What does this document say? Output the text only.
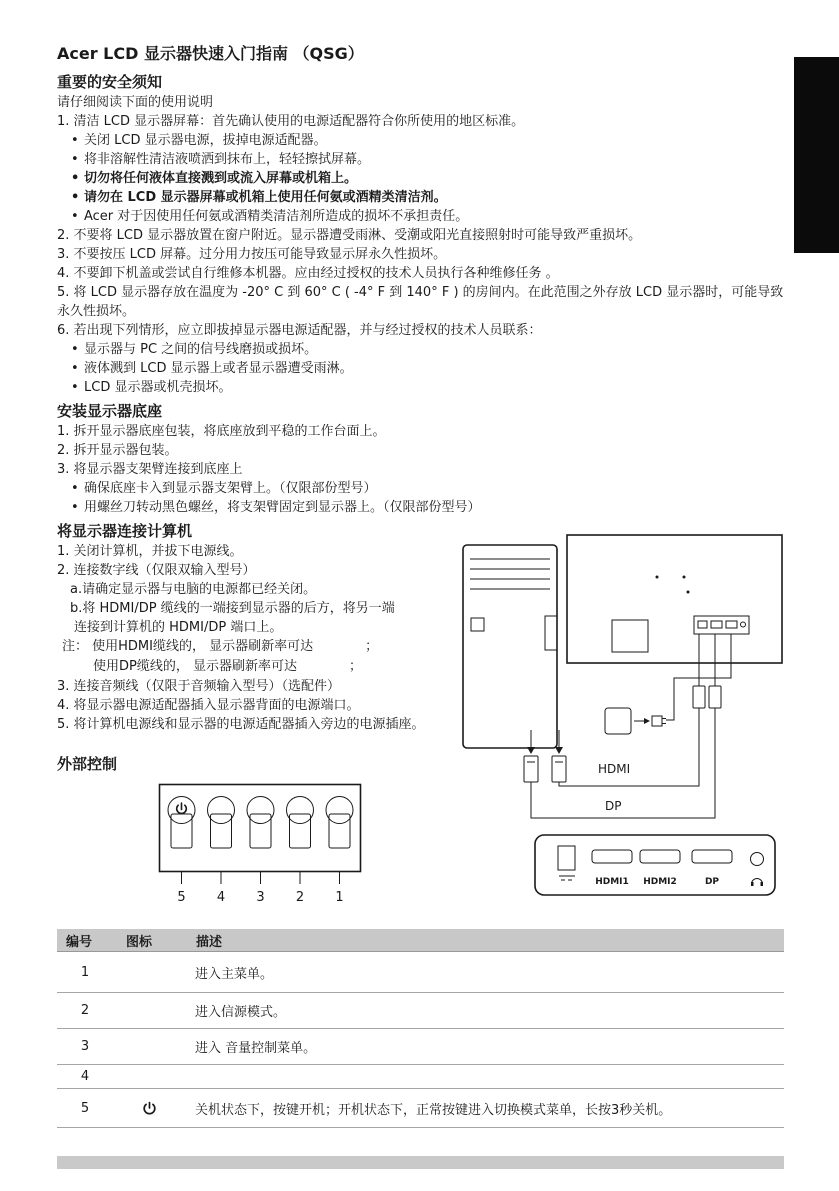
Acer LCD 显示器快速入门指南 （QSG）
重要的安全须知
请仔细阅读下面的使用说明
1. 清洁 LCD 显示器屏幕：首先确认使用的电源适配器符合你所使用的地区标准。
• 关闭 LCD 显示器电源，拔掉电源适配器。
• 将非溶解性清洁液喷洒到抹布上，轻轻擦拭屏幕。
• 切勿将任何液体直接溅到或流入屏幕或机箱上。
• 请勿在 LCD 显示器屏幕或机箱上使用任何氨或酒精类清洁剂。
• Acer 对于因使用任何氨或酒精类清洁剂所造成的损坏不承担责任。
2. 不要将 LCD 显示器放置在窗户附近。显示器遭受雨淋、受潮或阳光直接照射时可能导致严重损坏。
3. 不要按压 LCD 屏幕。过分用力按压可能导致显示屏永久性损坏。
4. 不要卸下机盖或尝试自行维修本机器。应由经过授权的技术人员执行各种维修任务 。
5. 将 LCD 显示器存放在温度为 -20° C 到 60° C ( -4° F 到 140° F ) 的房间内。在此范围之外存放 LCD 显示器时，可能导致永久性损坏。
6. 若出现下列情形，应立即拔掉显示器电源适配器，并与经过授权的技术人员联系：
• 显示器与 PC 之间的信号线磨损或损坏。
• 液体溅到 LCD 显示器上或者显示器遭受雨淋。
• LCD 显示器或机壳损坏。
安装显示器底座
1. 拆开显示器底座包装，将底座放到平稳的工作台面上。
2. 拆开显示器包装。
3. 将显示器支架臂连接到底座上
• 确保底座卡入到显示器支架臂上。（仅限部份型号）
• 用螺丝刀转动黑色螺丝，将支架臂固定到显示器上。（仅限部份型号）
将显示器连接计算机
1. 关闭计算机，并拔下电源线。
2. 连接数字线（仅限双输入型号）
a.请确定显示器与电脑的电源都已经关闭。
b.将 HDMI/DP 缆线的一端接到显示器的后方，将另一端
连接到计算机的 HDMI/DP 端口上。
注： 使用HDMI缆线的， 显示器刷新率可达　　　　；
使用DP缆线的， 显示器刷新率可达　　　　；
3. 连接音频线（仅限于音频输入型号）（选配件）
4. 将显示器电源适配器插入显示器背面的电源端口。
5. 将计算机电源线和显示器的电源适配器插入旁边的电源插座。
外部控制
5 4 3 2 1
HDMI
DP
HDMI1 HDMI2	DP
编号	图标	描述
1	进入主菜单。
2	进入信源模式。
3	进入 音量控制菜单。
4
5	关机状态下，按键开机；开机状态下，正常按键进入切换模式菜单，长按3秒关机。
